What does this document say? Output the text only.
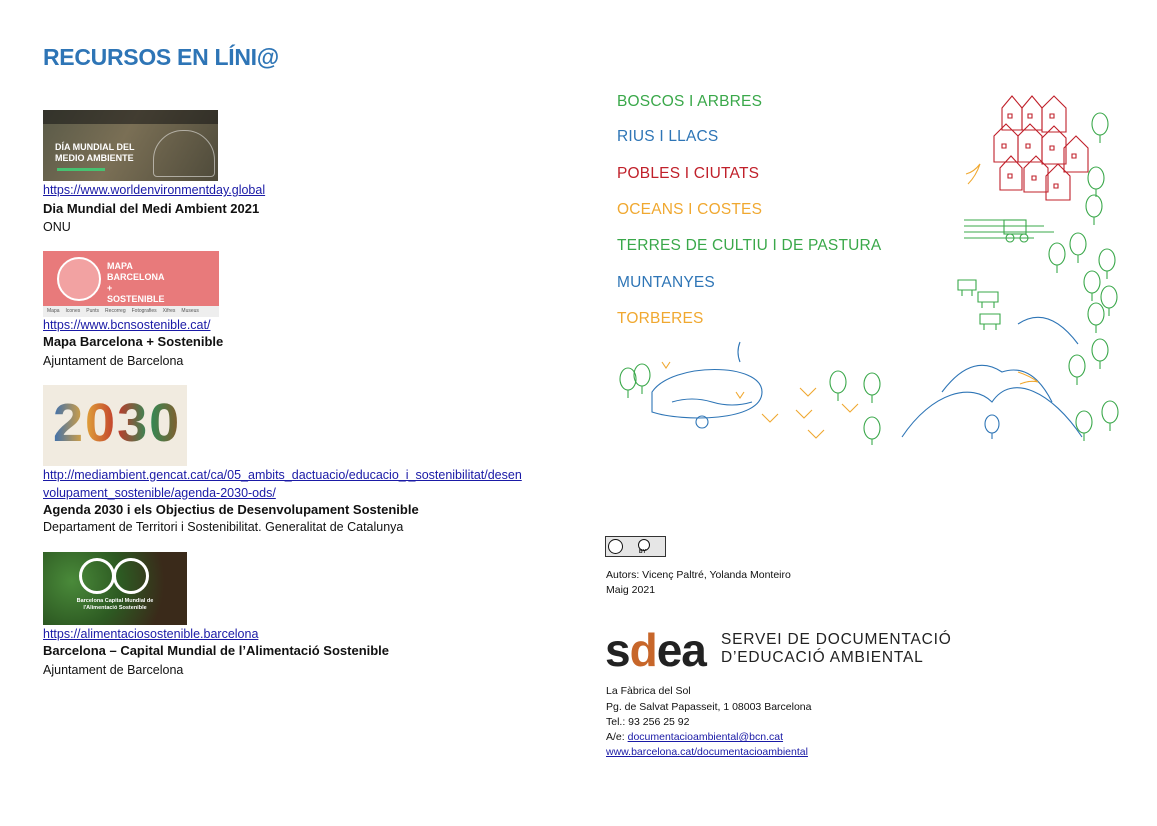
RECURSOS EN LÍNI@
DÍA MUNDIAL DEL MEDIO AMBIENTE
https://www.worldenvironmentday.global
Dia Mundial del Medi Ambient 2021
ONU
MAPA BARCELONA + SOSTENIBLE
Mapa Icones Punts Recorreg Fotografies Xifres Museus
https://www.bcnsostenible.cat/
Mapa Barcelona + Sostenible
Ajuntament de Barcelona
2030
http://mediambient.gencat.cat/ca/05_ambits_dactuacio/educacio_i_sostenibilitat/desen
volupament_sostenible/agenda-2030-ods/
Agenda 2030 i els Objectius de Desenvolupament Sostenible
Departament de Territori i Sostenibilitat. Generalitat de Catalunya
Barcelona Capital Mundial de l'Alimentació Sostenible
https://alimentaciosostenible.barcelona
Barcelona – Capital Mundial de l’Alimentació Sostenible
Ajuntament de Barcelona
BOSCOS I ARBRES
RIUS I LLACS
POBLES I CIUTATS
OCEANS I COSTES
TERRES DE CULTIU I DE PASTURA
MUNTANYES
TORBERES
BY
Autors: Vicenç Paltré, Yolanda Monteiro
Maig 2021
sdea SERVEI DE DOCUMENTACIÓ
D’EDUCACIÓ AMBIENTAL
La Fàbrica del Sol
Pg. de Salvat Papasseit, 1 08003 Barcelona
Tel.: 93 256 25 92
A/e: documentacioambiental@bcn.cat
www.barcelona.cat/documentacioambiental
